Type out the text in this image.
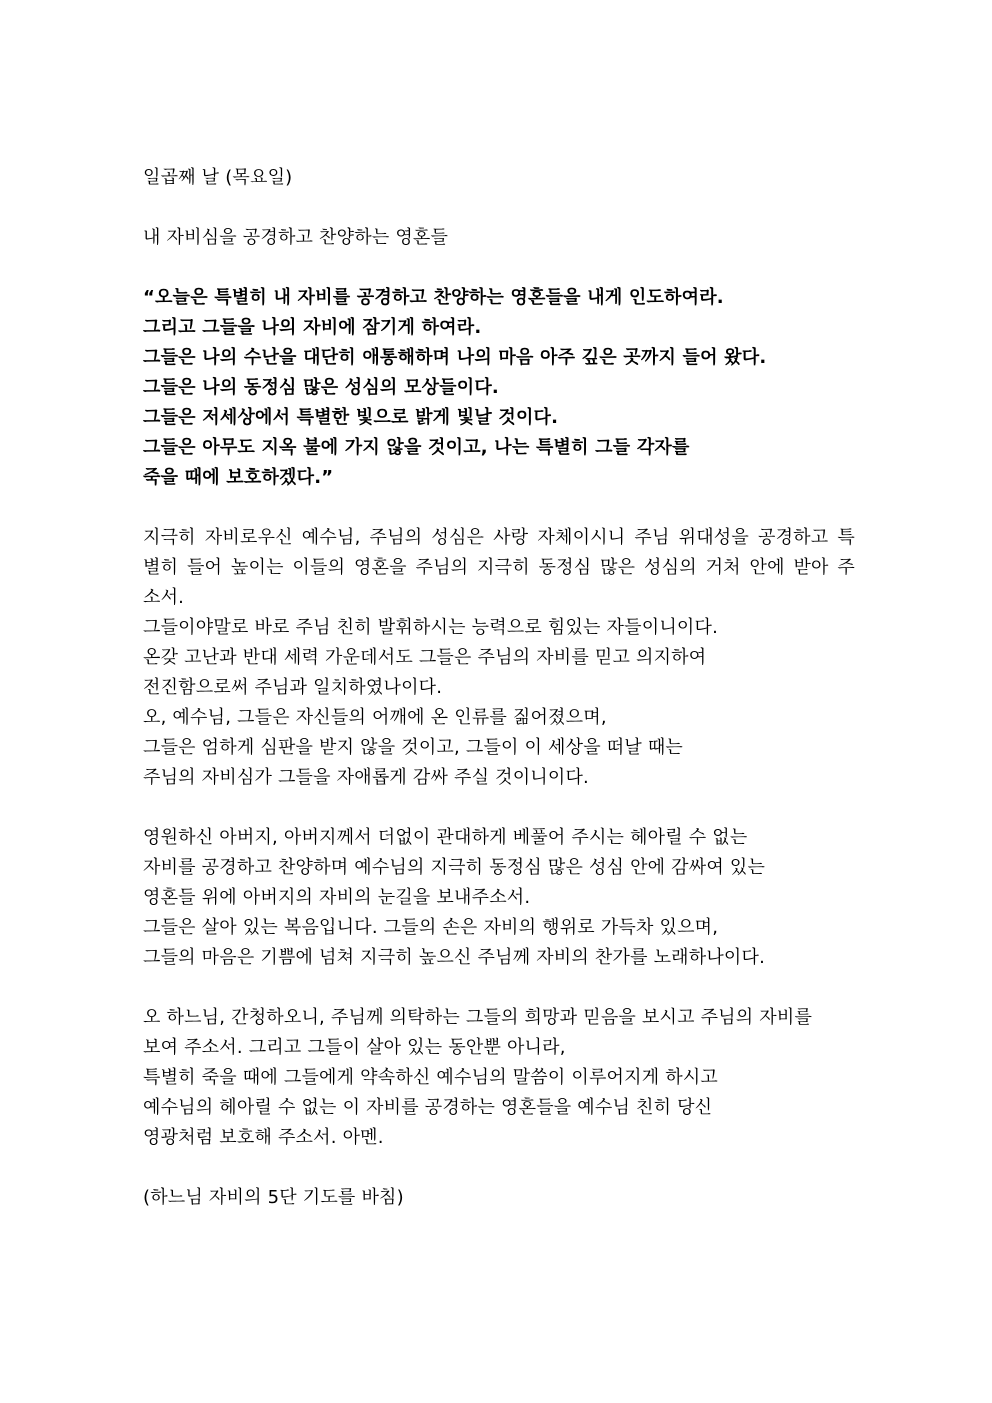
일곱째 날 (목요일)
내 자비심을 공경하고 찬양하는 영혼들
“오늘은 특별히 내 자비를 공경하고 찬양하는 영혼들을 내게 인도하여라.
그리고 그들을 나의 자비에 잠기게 하여라.
그들은 나의 수난을 대단히 애통해하며 나의 마음 아주 깊은 곳까지 들어 왔다.
그들은 나의 동정심 많은 성심의 모상들이다.
그들은 저세상에서 특별한 빛으로 밝게 빛날 것이다.
그들은 아무도 지옥 불에 가지 않을 것이고, 나는 특별히 그들 각자를
죽을 때에 보호하겠다.”
지극히 자비로우신 예수님, 주님의 성심은 사랑 자체이시니 주님 위대성을 공경하고 특
별히 들어 높이는 이들의 영혼을 주님의 지극히 동정심 많은 성심의 거처 안에 받아 주
소서.
그들이야말로 바로 주님 친히 발휘하시는 능력으로 힘있는 자들이니이다.
온갖 고난과 반대 세력 가운데서도 그들은 주님의 자비를 믿고 의지하여
전진함으로써 주님과 일치하였나이다.
오, 예수님, 그들은 자신들의 어깨에 온 인류를 짊어졌으며,
그들은 엄하게 심판을 받지 않을 것이고, 그들이 이 세상을 떠날 때는
주님의 자비심가 그들을 자애롭게 감싸 주실 것이니이다.
영원하신 아버지, 아버지께서 더없이 관대하게 베풀어 주시는 헤아릴 수 없는
자비를 공경하고 찬양하며 예수님의 지극히 동정심 많은 성심 안에 감싸여 있는
영혼들 위에 아버지의 자비의 눈길을 보내주소서.
그들은 살아 있는 복음입니다. 그들의 손은 자비의 행위로 가득차 있으며,
그들의 마음은 기쁨에 넘쳐 지극히 높으신 주님께 자비의 찬가를 노래하나이다.
오 하느님, 간청하오니, 주님께 의탁하는 그들의 희망과 믿음을 보시고 주님의 자비를
보여 주소서. 그리고 그들이 살아 있는 동안뿐 아니라,
특별히 죽을 때에 그들에게 약속하신 예수님의 말씀이 이루어지게 하시고
예수님의 헤아릴 수 없는 이 자비를 공경하는 영혼들을 예수님 친히 당신
영광처럼 보호해 주소서. 아멘.
(하느님 자비의 5단 기도를 바침)
